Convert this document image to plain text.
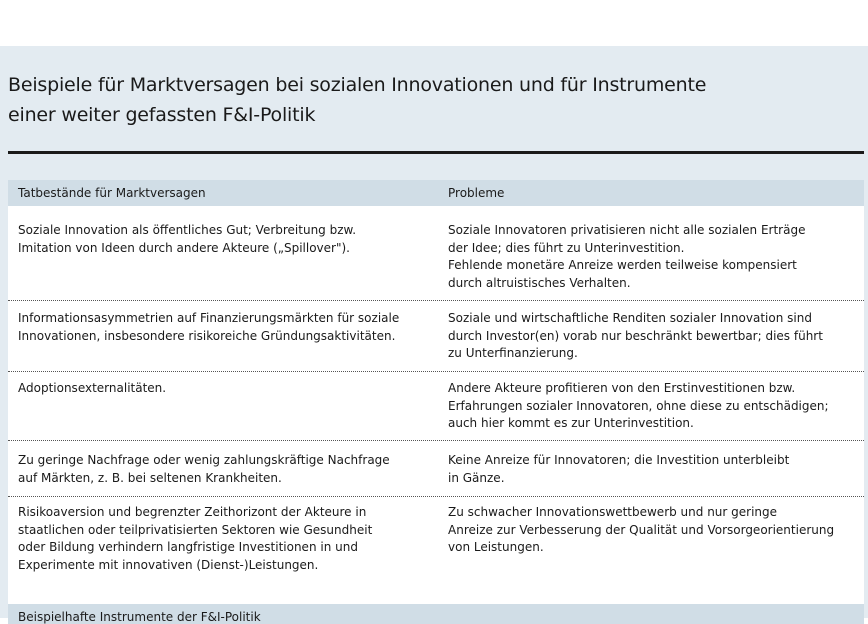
Beispiele für Marktversagen bei sozialen Innovationen und für Instrumente
einer weiter gefassten F&I-Politik
Tatbestände für Marktversagen	Probleme
Soziale Innovation als öffentliches Gut; Verbreitung bzw.
Imitation von Ideen durch andere Akteure („Spillover").
Soziale Innovatoren privatisieren nicht alle sozialen Erträge
der Idee; dies führt zu Unterinvestition.
Fehlende monetäre Anreize werden teilweise kompensiert
durch altruistisches Verhalten.
Informationsasymmetrien auf Finanzierungsmärkten für soziale
Innovationen, insbesondere risikoreiche Gründungsaktivitäten.
Soziale und wirtschaftliche Renditen sozialer Innovation sind
durch Investor(en) vorab nur beschränkt bewertbar; dies führt
zu Unterfinanzierung.
Adoptionsexternalitäten.	Andere Akteure profitieren von den Erstinvestitionen bzw.
Erfahrungen sozialer Innovatoren, ohne diese zu entschädigen;
auch hier kommt es zur Unterinvestition.
Zu geringe Nachfrage oder wenig zahlungskräftige Nachfrage
auf Märkten, z. B. bei seltenen Krankheiten.
Keine Anreize für Innovatoren; die Investition unterbleibt
in Gänze.
Risikoaversion und begrenzter Zeithorizont der Akteure in
staatlichen oder teilprivatisierten Sektoren wie Gesundheit
oder Bildung verhindern langfristige Investitionen in und
Experimente mit innovativen (Dienst-)Leistungen.
Zu schwacher Innovationswettbewerb und nur geringe
Anreize zur Verbesserung der Qualität und Vorsorgeorientierung
von Leistungen.
Beispielhafte Instrumente der F&I-Politik
